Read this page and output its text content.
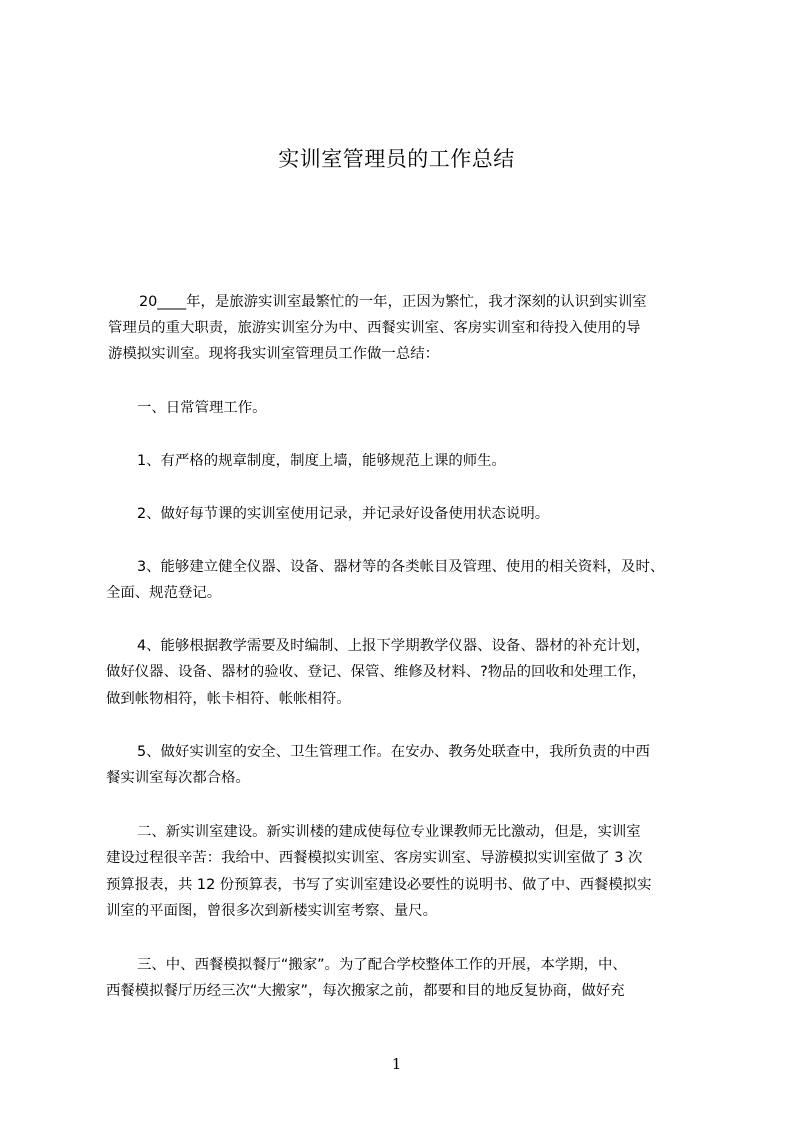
实训室管理员的工作总结
20____年，是旅游实训室最繁忙的一年，正因为繁忙，我才深刻的认识到实训室
管理员的重大职责，旅游实训室分为中、西餐实训室、客房实训室和待投入使用的导
游模拟实训室。现将我实训室管理员工作做一总结：
一、日常管理工作。
1、有严格的规章制度，制度上墙，能够规范上课的师生。
2、做好每节课的实训室使用记录，并记录好设备使用状态说明。
3、能够建立健全仪器、设备、器材等的各类帐目及管理、使用的相关资料，及时、
全面、规范登记。
4、能够根据教学需要及时编制、上报下学期教学仪器、设备、器材的补充计划，
做好仪器、设备、器材的验收、登记、保管、维修及材料、?物品的回收和处理工作，
做到帐物相符，帐卡相符、帐帐相符。
5、做好实训室的安全、卫生管理工作。在安办、教务处联查中，我所负责的中西
餐实训室每次都合格。
二、新实训室建设。新实训楼的建成使每位专业课教师无比激动，但是，实训室
建设过程很辛苦：我给中、西餐模拟实训室、客房实训室、导游模拟实训室做了 3 次
预算报表，共 12 份预算表，书写了实训室建设必要性的说明书、做了中、西餐模拟实
训室的平面图，曾很多次到新楼实训室考察、量尺。
三、中、西餐模拟餐厅“搬家”。为了配合学校整体工作的开展，本学期，中、
西餐模拟餐厅历经三次“大搬家”，每次搬家之前，都要和目的地反复协商，做好充
1
